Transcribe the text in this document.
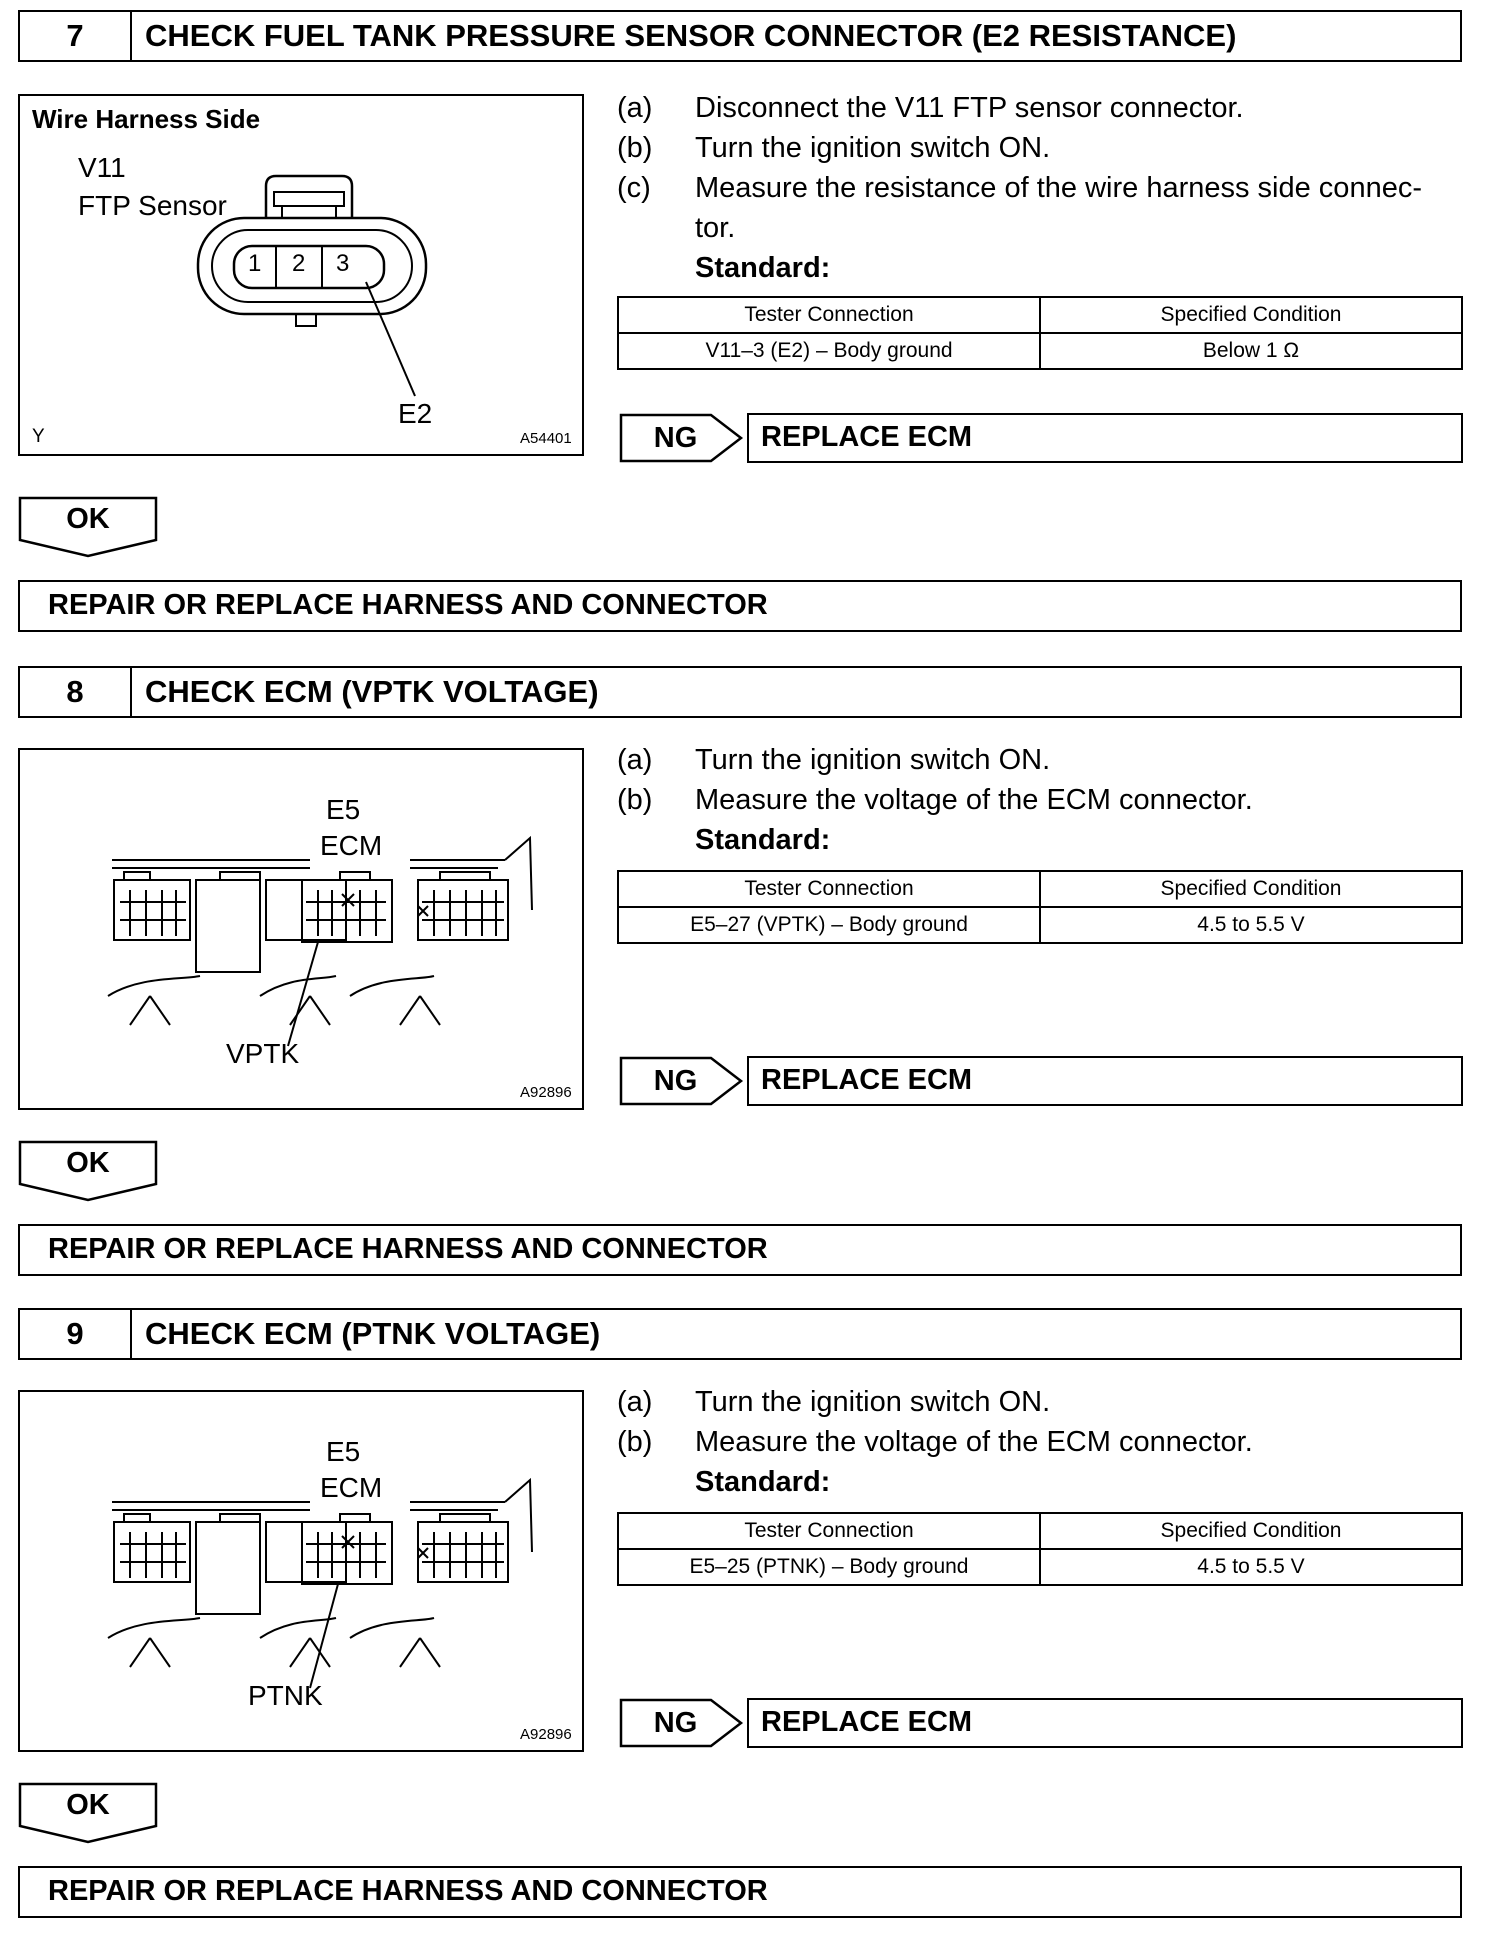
7	CHECK FUEL TANK PRESSURE SENSOR CONNECTOR (E2 RESISTANCE)
Wire Harness Side
V11
FTP Sensor
1 2 3
E2
Y	A54401
(a) Disconnect the V11 FTP sensor connector.
(b) Turn the ignition switch ON.
(c) Measure the resistance of the wire harness side connec-
tor.
Standard:
Tester Connection	Specified Condition
V11–3 (E2) – Body ground	Below 1 Ω
NG	REPLACE ECM
OK
REPAIR OR REPLACE HARNESS AND CONNECTOR
8	CHECK ECM (VPTK VOLTAGE)
E5
ECM
VPTK
A92896
(a) Turn the ignition switch ON.
(b) Measure the voltage of the ECM connector.
Standard:
Tester Connection	Specified Condition
E5–27 (VPTK) – Body ground	4.5 to 5.5 V
NG	REPLACE ECM
OK
REPAIR OR REPLACE HARNESS AND CONNECTOR
9	CHECK ECM (PTNK VOLTAGE)
E5
ECM
PTNK
A92896
(a) Turn the ignition switch ON.
(b) Measure the voltage of the ECM connector.
Standard:
Tester Connection	Specified Condition
E5–25 (PTNK) – Body ground	4.5 to 5.5 V
NG	REPLACE ECM
OK
REPAIR OR REPLACE HARNESS AND CONNECTOR
